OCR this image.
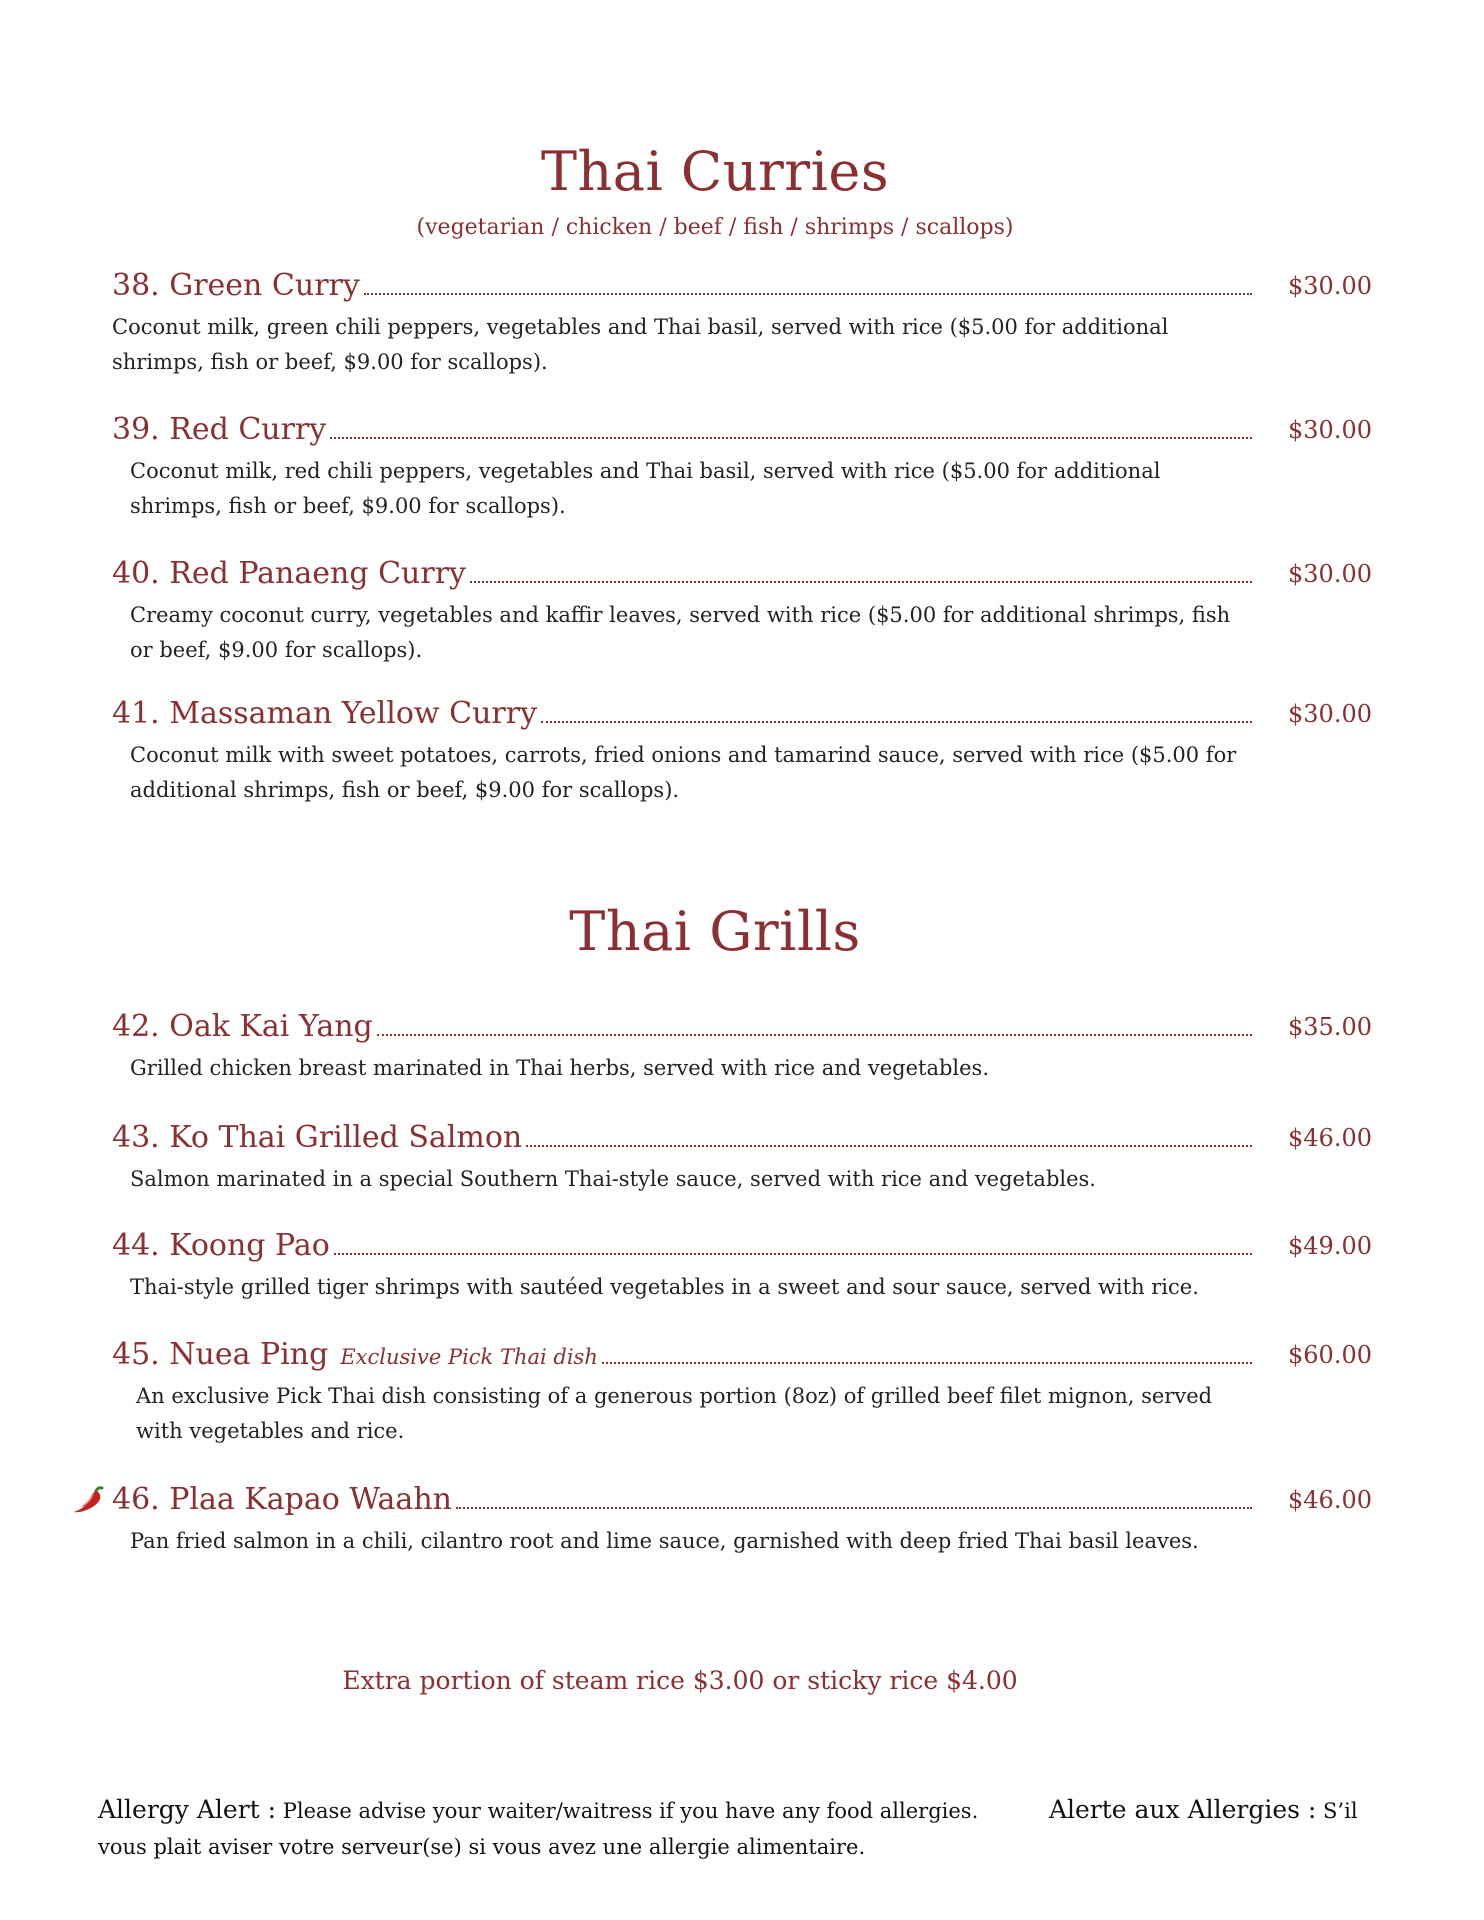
Thai Curries
(vegetarian / chicken / beef / fish / shrimps / scallops)
38. Green Curry	$30.00
Coconut milk, green chili peppers, vegetables and Thai basil, served with rice ($5.00 for additional shrimps, fish or beef, $9.00 for scallops).
39. Red Curry	$30.00
Coconut milk, red chili peppers, vegetables and Thai basil, served with rice ($5.00 for additional shrimps, fish or beef, $9.00 for scallops).
40. Red Panaeng Curry	$30.00
Creamy coconut curry, vegetables and kaffir leaves, served with rice ($5.00 for additional shrimps, fish or beef, $9.00 for scallops).
41. Massaman Yellow Curry	$30.00
Coconut milk with sweet potatoes, carrots, fried onions and tamarind sauce, served with rice ($5.00 for additional shrimps, fish or beef, $9.00 for scallops).
Thai Grills
42. Oak Kai Yang	$35.00
Grilled chicken breast marinated in Thai herbs, served with rice and vegetables.
43. Ko Thai Grilled Salmon	$46.00
Salmon marinated in a special Southern Thai-style sauce, served with rice and vegetables.
44. Koong Pao	$49.00
Thai-style grilled tiger shrimps with sautéed vegetables in a sweet and sour sauce, served with rice.
45. Nuea Ping Exclusive Pick Thai dish	$60.00
An exclusive Pick Thai dish consisting of a generous portion (8oz) of grilled beef filet mignon, served with vegetables and rice.
46. Plaa Kapao Waahn	$46.00
Pan fried salmon in a chili, cilantro root and lime sauce, garnished with deep fried Thai basil leaves.
Extra portion of steam rice $3.00 or sticky rice $4.00
Allergy Alert : Please advise your waiter/waitress if you have any food allergies.	Alerte aux Allergies : S’il vous plait aviser votre serveur(se) si vous avez une allergie alimentaire.
